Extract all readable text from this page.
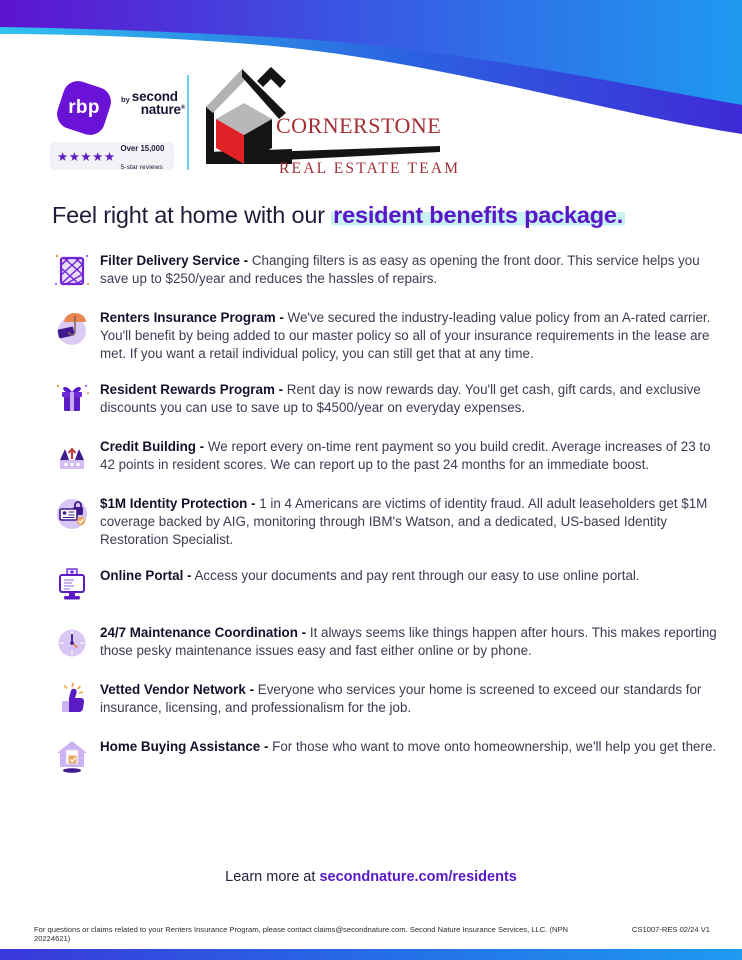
rbp	by second
nature®
★★★★★
Over 15,000
5-star reviews
CORNERSTONE
REAL ESTATE TEAM
Feel right at home with our resident benefits package.
Filter Delivery Service - Changing filters is as easy as opening the front door. This service helps you save up to $250/year and reduces the hassles of repairs.
Renters Insurance Program - We've secured the industry-leading value policy from an A-rated carrier. You'll benefit by being added to our master policy so all of your insurance requirements in the lease are met. If you want a retail individual policy, you can still get that at any time.
Resident Rewards Program - Rent day is now rewards day. You'll get cash, gift cards, and exclusive discounts you can use to save up to $4500/year on everyday expenses.
Credit Building - We report every on-time rent payment so you build credit. Average increases of 23 to 42 points in resident scores. We can report up to the past 24 months for an immediate boost.
$1M Identity Protection - 1 in 4 Americans are victims of identity fraud. All adult leaseholders get $1M coverage backed by AIG, monitoring through IBM's Watson, and a dedicated, US-based Identity Restoration Specialist.
Online Portal - Access your documents and pay rent through our easy to use online portal.
24/7 Maintenance Coordination - It always seems like things happen after hours. This makes reporting those pesky maintenance issues easy and fast either online or by phone.
Vetted Vendor Network - Everyone who services your home is screened to exceed our standards for insurance, licensing, and professionalism for the job.
Home Buying Assistance - For those who want to move onto homeownership, we'll help you get there.
Learn more at secondnature.com/residents
For questions or claims related to your Renters Insurance Program, please contact claims@secondnature.com. Second Nature Insurance Services, LLC. (NPN 20224621)
CS1007-RES 02/24 V1
